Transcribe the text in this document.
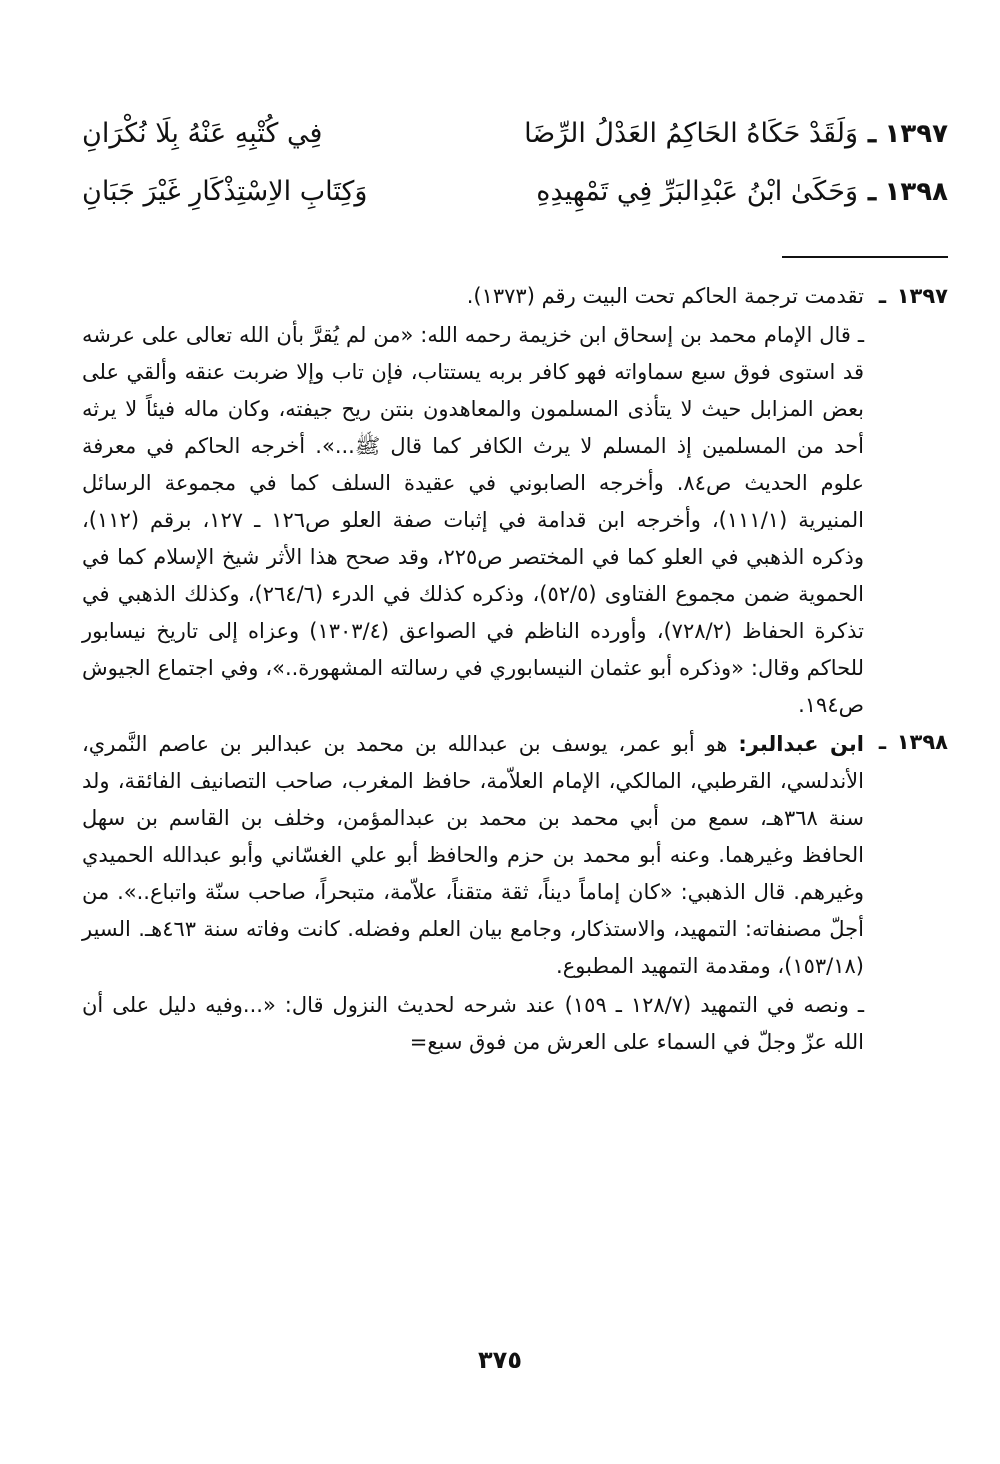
١٣٩٧
ـ
وَلَقَدْ حَكَاهُ الحَاكِمُ العَدْلُ الرِّضَا
فِي كُتْبِهِ عَنْهُ بِلَا نُكْرَانِ
١٣٩٨
ـ
وَحَكَىٰ ابْنُ عَبْدِالبَرِّ فِي تَمْهِيدِهِ
وَكِتَابِ الاِسْتِذْكَارِ غَيْرَ جَبَانِ
١٣٩٧
ـ
تقدمت ترجمة الحاكم تحت البيت رقم (١٣٧٣).
ـ قال الإمام محمد بن إسحاق ابن خزيمة رحمه الله: «من لم يُقرَّ بأن الله تعالى على عرشه قد استوى فوق سبع سماواته فهو كافر بربه يستتاب، فإن تاب وإلا ضربت عنقه وألقي على بعض المزابل حيث لا يتأذى المسلمون والمعاهدون بنتن ريح جيفته، وكان ماله فيئاً لا يرثه أحد من المسلمين إذ المسلم لا يرث الكافر كما قال ﷺ...». أخرجه الحاكم في معرفة علوم الحديث ص٨٤. وأخرجه الصابوني في عقيدة السلف كما في مجموعة الرسائل المنيرية (١١١/١)، وأخرجه ابن قدامة في إثبات صفة العلو ص١٢٦ ـ ١٢٧، برقم (١١٢)، وذكره الذهبي في العلو كما في المختصر ص٢٢٥، وقد صحح هذا الأثر شيخ الإسلام كما في الحموية ضمن مجموع الفتاوى (٥٢/٥)، وذكره كذلك في الدرء (٢٦٤/٦)، وكذلك الذهبي في تذكرة الحفاظ (٧٢٨/٢)، وأورده الناظم في الصواعق (١٣٠٣/٤) وعزاه إلى تاريخ نيسابور للحاكم وقال: «وذكره أبو عثمان النيسابوري في رسالته المشهورة..»، وفي اجتماع الجيوش ص١٩٤.
١٣٩٨
ـ
ابن عبدالبر: هو أبو عمر، يوسف بن عبدالله بن محمد بن عبدالبر بن عاصم النَّمري، الأندلسي، القرطبي، المالكي، الإمام العلاّمة، حافظ المغرب، صاحب التصانيف الفائقة، ولد سنة ٣٦٨هـ، سمع من أبي محمد بن محمد بن عبدالمؤمن، وخلف بن القاسم بن سهل الحافظ وغيرهما. وعنه أبو محمد بن حزم والحافظ أبو علي الغسّاني وأبو عبدالله الحميدي وغيرهم. قال الذهبي: «كان إماماً ديناً، ثقة متقناً، علاّمة، متبحراً، صاحب سنّة واتباع..». من أجلّ مصنفاته: التمهيد، والاستذكار، وجامع بيان العلم وفضله. كانت وفاته سنة ٤٦٣هـ. السير (١٥٣/١٨)، ومقدمة التمهيد المطبوع.
ـ ونصه في التمهيد (١٢٨/٧ ـ ١٥٩) عند شرحه لحديث النزول قال: «...وفيه دليل على أن الله عزّ وجلّ في السماء على العرش من فوق سبع=
٣٧٥
